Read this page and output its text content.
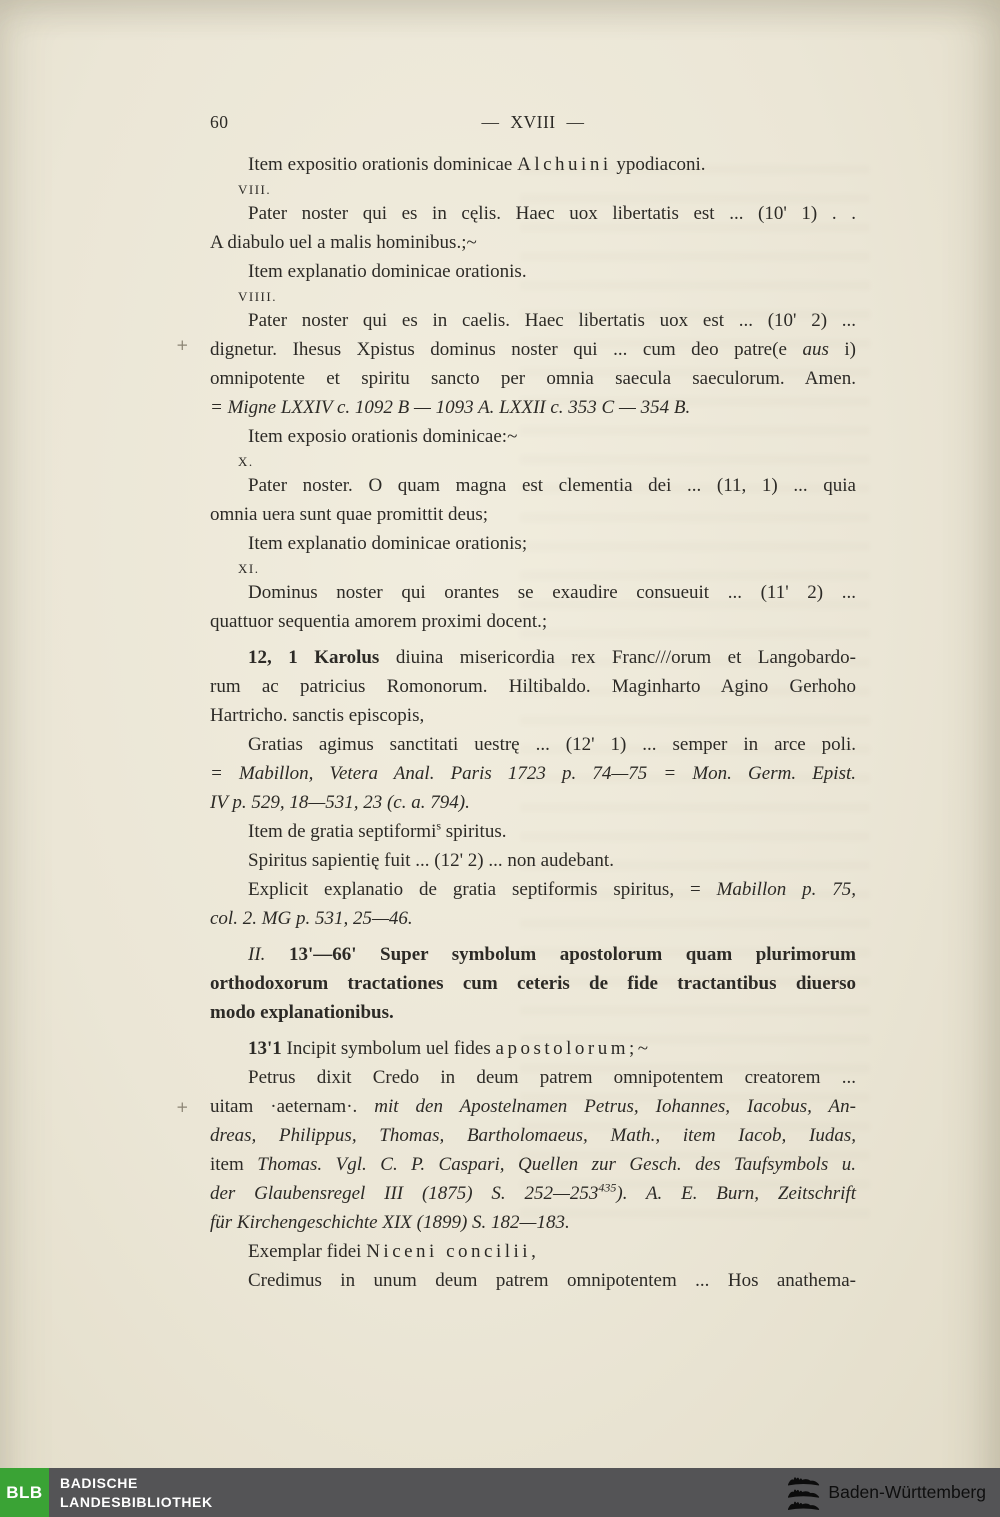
60	— XVIII —
+
+
Item expositio orationis dominicae Alchuini ypodiaconi.
VIII.
Pater noster qui es in cęlis. Haec uox libertatis est ... (10' 1) . .
A diabulo uel a malis hominibus.;~
Item explanatio dominicae orationis.
VIIII.
Pater noster qui es in caelis. Haec libertatis uox est ... (10' 2) ...
dignetur. Ihesus Xpistus dominus noster qui ... cum deo patre(e aus i)
omnipotente et spiritu sancto per omnia saecula saeculorum. Amen.
= Migne LXXIV c. 1092 B — 1093 A. LXXII c. 353 C — 354 B.
Item exposio orationis dominicae:~
X.
Pater noster. O quam magna est clementia dei ... (11, 1) ... quia
omnia uera sunt quae promittit deus;
Item explanatio dominicae orationis;
XI.
Dominus noster qui orantes se exaudire consueuit ... (11' 2) ...
quattuor sequentia amorem proximi docent.;
12, 1 Karolus diuina misericordia rex Franc///orum et Langobardo-
rum ac patricius Romonorum. Hiltibaldo. Maginharto Agino Gerhoho
Hartricho. sanctis episcopis,
Gratias agimus sanctitati uestrę ... (12' 1) ... semper in arce poli.
= Mabillon, Vetera Anal. Paris 1723 p. 74—75 = Mon. Germ. Epist.
IV p. 529, 18—531, 23 (c. a. 794).
Item de gratia septiformi$^s$ spiritus.
Spiritus sapientię fuit ... (12' 2) ... non audebant.
Explicit explanatio de gratia septiformis spiritus, = Mabillon p. 75,
col. 2. MG p. 531, 25—46.
II. 13'—66' Super symbolum apostolorum quam plurimorum
orthodoxorum tractationes cum ceteris de fide tractantibus diuerso
modo explanationibus.
13'1 Incipit symbolum uel fides apostolorum;~
Petrus dixit Credo in deum patrem omnipotentem creatorem ...
uitam ·aeternam·. mit den Apostelnamen Petrus, Iohannes, Iacobus, An-
dreas, Philippus, Thomas, Bartholomaeus, Math., item Iacob, Iudas,
item Thomas. Vgl. C. P. Caspari, Quellen zur Gesch. des Taufsymbols u.
der Glaubensregel III (1875) S. $252—253^{435}$). A. E. Burn, Zeitschrift
für Kirchengeschichte XIX (1899) S. 182—183.
Exemplar fidei Niceni concilii,
Credimus in unum deum patrem omnipotentem ... Hos anathema-
BLB	BADISCHE
LANDESBIBLIOTHEK	Baden-Württemberg
